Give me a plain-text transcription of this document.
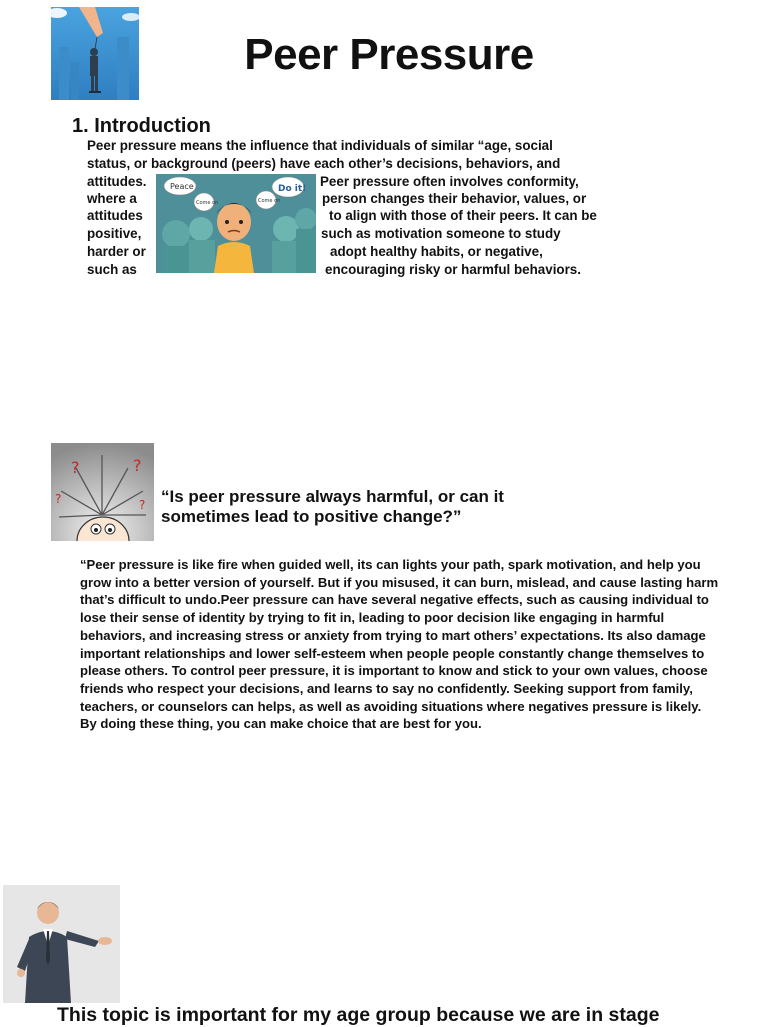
Peer Pressure
1. Introduction
Peer pressure means the influence that individuals of similar “age, social
status, or background (peers) have each other’s decisions, behaviors, and
attitudes.	Peer pressure often involves conformity,
where a	person changes their behavior, values, or
attitudes	to align with those of their peers. It can be
positive,	such as motivation someone to study
harder or	adopt healthy habits, or negative,
such as	encouraging risky or harmful behaviors.
Peace	Do it!
Come on	Come on
?	?
?	? “Is peer pressure always harmful, or can it
sometimes lead to positive change?”

“Peer pressure is like fire when guided well, its can lights your path, spark motivation, and help you grow into a better version of yourself. But if you misused, it can burn, mislead, and cause lasting harm that’s difficult to undo.Peer pressure can have several negative effects, such as causing individual to lose their sense of identity by trying to fit in, leading to poor decision like engaging in harmful behaviors, and increasing stress or anxiety from trying to mart others’ expectations. Its also damage important relationships and lower self-esteem when people people constantly change themselves to please others. To control peer pressure, it is important to know and stick to your own values, choose friends who respect your decisions, and learns to say no confidently. Seeking support from family, teachers, or counselors can helps, as well as avoiding situations where negatives pressure is likely. By doing these thing, you can make choice that are best for you.

This topic is important for my age group because we are in stage
